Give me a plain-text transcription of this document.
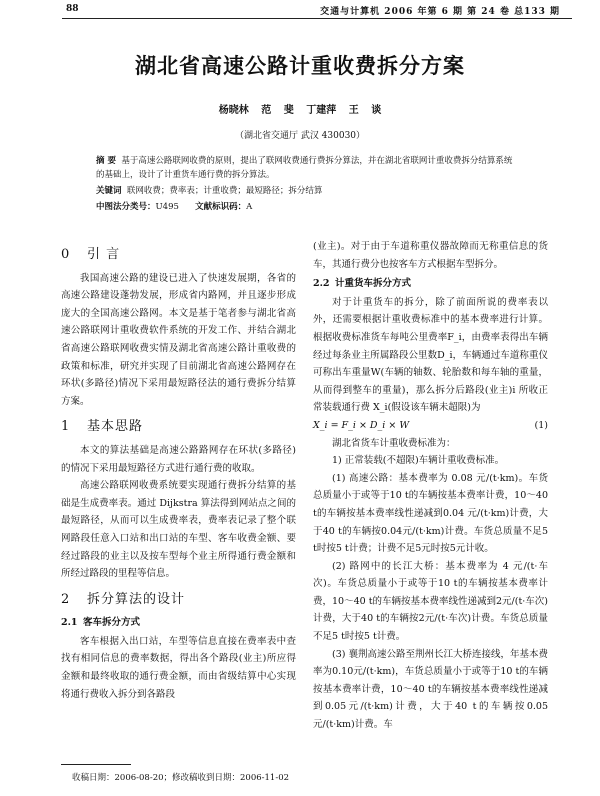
88	交通与计算机 2006 年第 6 期 第 24 卷 总133 期
湖北省高速公路计重收费拆分方案
杨晓林 范 斐 丁建萍 王 谈
（湖北省交通厅 武汉 430030）
摘 要 基于高速公路联网收费的原则，提出了联网收费通行费拆分算法，并在湖北省联网计重收费拆分结算系统的基础上，设计了计重货车通行费的拆分算法。
关键词 联网收费；费率表；计重收费；最短路径；拆分结算
中图法分类号：U495 文献标识码：A
0 引 言

我国高速公路的建设已进入了快速发展期，各省的高速公路建设蓬勃发展，形成省内路网，并且逐步形成庞大的全国高速公路网。本文是基于笔者参与湖北省高速公路联网计重收费软件系统的开发工作、并结合湖北省高速公路联网收费实情及湖北省高速公路计重收费的政策和标准，研究并实现了目前湖北省高速公路网存在环状(多路径)情况下采用最短路径法的通行费拆分结算方案。

1 基本思路

本文的算法基础是高速公路路网存在环状(多路径)的情况下采用最短路径方式进行通行费的收取。

高速公路联网收费系统要实现通行费拆分结算的基础是生成费率表。通过 Dijkstra 算法得到网站点之间的最短路径，从而可以生成费率表，费率表记录了整个联网路段任意入口站和出口站的车型、客车收费金额、要经过路段的业主以及按车型每个业主所得通行费金额和所经过路段的里程等信息。

2 拆分算法的设计
2.1 客车拆分方式

客车根据入出口站，车型等信息直接在费率表中查找有相同信息的费率数据，得出各个路段(业主)所应得金额和最终收取的通行费金额，而由省级结算中心实现将通行费收入拆分到各路段

(业主)。对于由于车道称重仪器故障而无称重信息的货车，其通行费分也按客车方式根据车型拆分。

2.2 计重货车拆分方式

对于计重货车的拆分，除了前面所说的费率表以外，还需要根据计重收费标准中的基本费率进行计算。根据收费标准货车每吨公里费率F_i，由费率表得出车辆经过每条业主所属路段公里数D_i，车辆通过车道称重仪可称出车重量W(车辆的轴数、轮胎数和每车轴的重量，从而得到整车的重量)，那么拆分后路段(业主)i 所收正常装载通行费 X_i(假设该车辆未超限)为

X_i = F_i × D_i × W	(1)

湖北省货车计重收费标准为：

1) 正常装载(不超限)车辆计重收费标准。

(1) 高速公路：基本费率为 0.08 元/(t·km)。车货总质量小于或等于10 t的车辆按基本费率计费，10～40 t的车辆按基本费率线性递减到0.04 元/(t·km)计费，大于40 t的车辆按0.04元/(t·km)计费。车货总质量不足5 t时按5 t计费；计费不足5元时按5元计收。

(2) 路网中的长江大桥：基本费率为 4 元/(t·车次)。车货总质量小于或等于10 t的车辆按基本费率计费，10～40 t的车辆按基本费率线性递减到2元/(t·车次)计费，大于40 t的车辆按2元/(t·车次)计费。车货总质量不足5 t时按5 t计费。

(3) 襄荆高速公路至荆州长江大桥连接线，年基本费率为0.10元/(t·km)，车货总质量小于或等于10 t的车辆按基本费率计费，10～40 t的车辆按基本费率线性递减到0.05元/(t·km)计费，大于40 t的车辆按0.05元/(t·km)计费。车

收稿日期：2006-08-20；修改稿收到日期：2006-11-02
